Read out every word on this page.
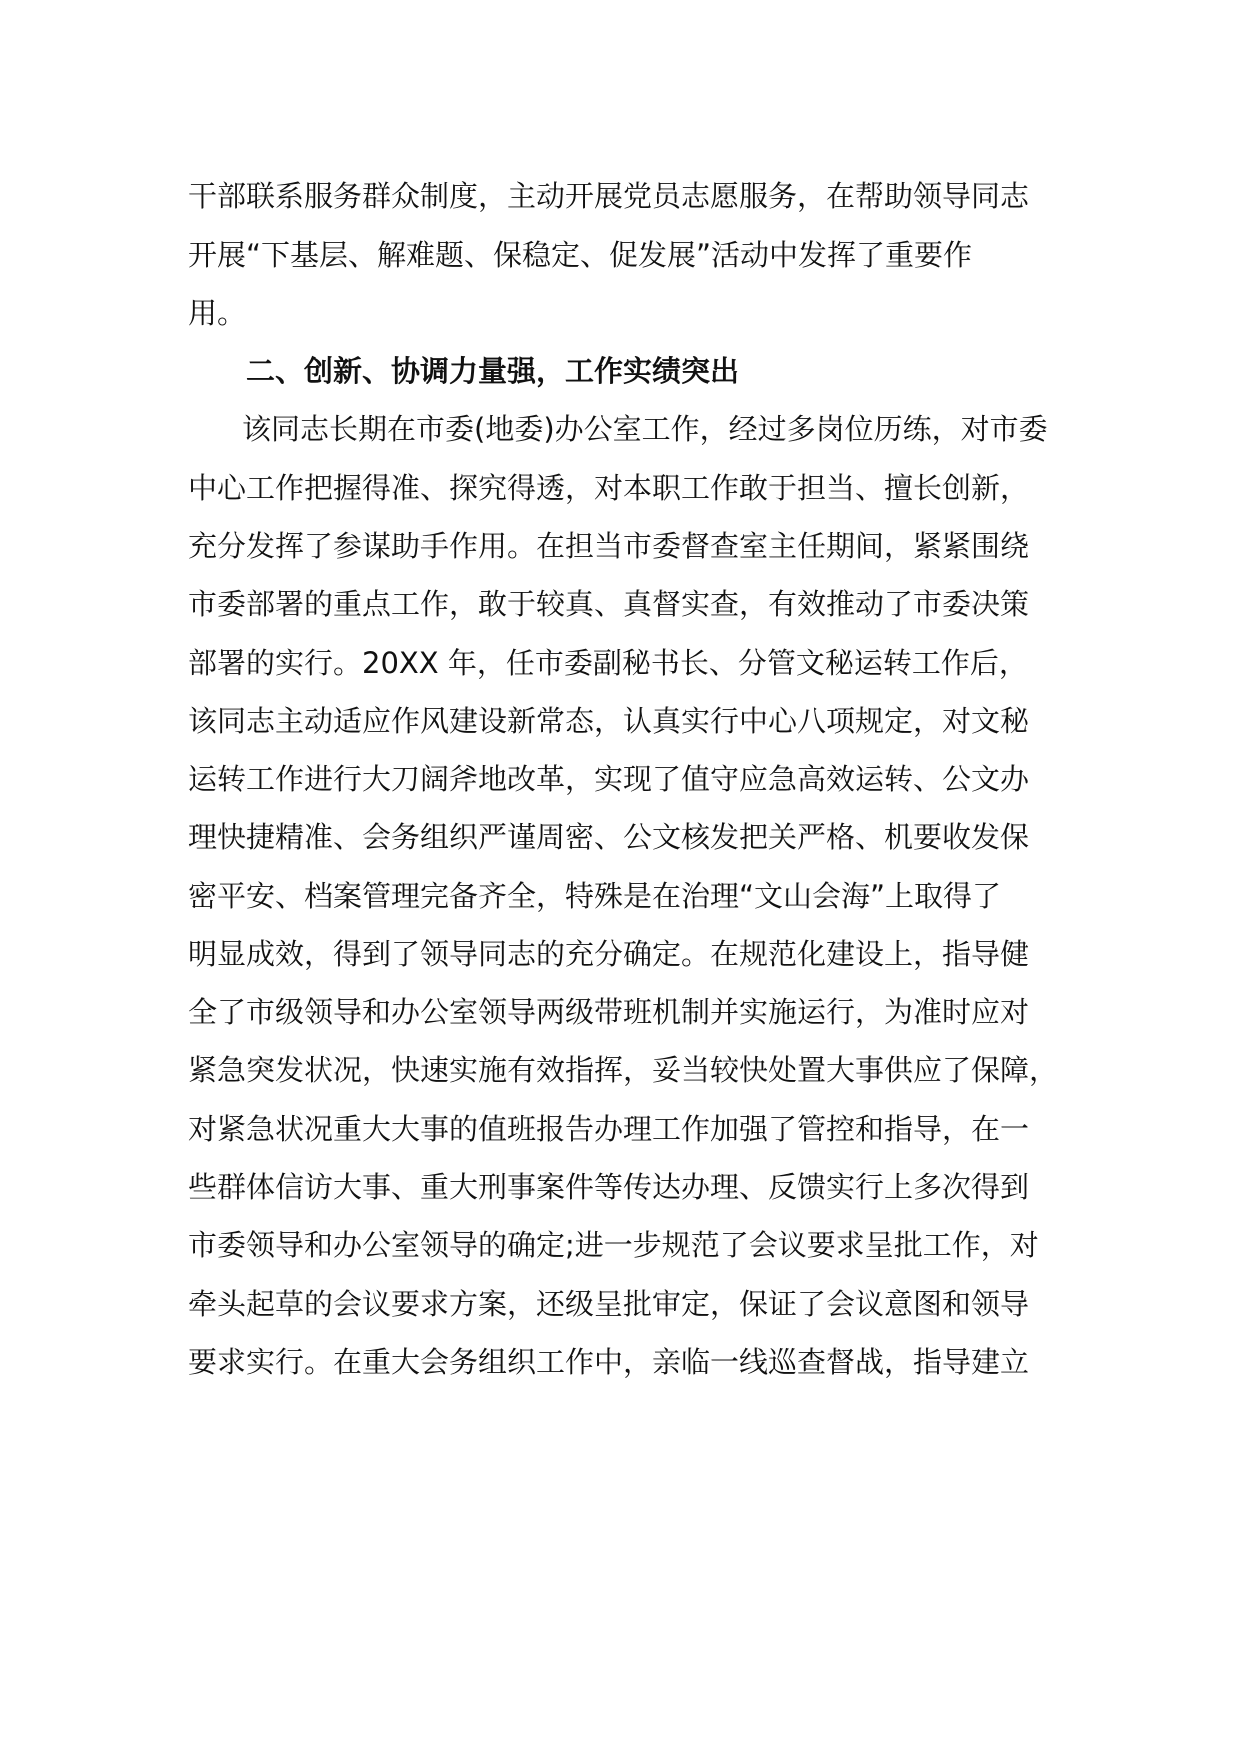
干部联系服务群众制度，主动开展党员志愿服务，在帮助领导同志
开展“下基层、解难题、保稳定、促发展”活动中发挥了重要作
用。
二、创新、协调力量强，工作实绩突出
该同志长期在市委(地委)办公室工作，经过多岗位历练，对市委
中心工作把握得准、探究得透，对本职工作敢于担当、擅长创新，
充分发挥了参谋助手作用。在担当市委督查室主任期间，紧紧围绕
市委部署的重点工作，敢于较真、真督实查，有效推动了市委决策
部署的实行。20XX 年，任市委副秘书长、分管文秘运转工作后，
该同志主动适应作风建设新常态，认真实行中心八项规定，对文秘
运转工作进行大刀阔斧地改革，实现了值守应急高效运转、公文办
理快捷精准、会务组织严谨周密、公文核发把关严格、机要收发保
密平安、档案管理完备齐全，特殊是在治理“文山会海”上取得了
明显成效，得到了领导同志的充分确定。在规范化建设上，指导健
全了市级领导和办公室领导两级带班机制并实施运行，为准时应对
紧急突发状况，快速实施有效指挥，妥当较快处置大事供应了保障，
对紧急状况重大大事的值班报告办理工作加强了管控和指导，在一
些群体信访大事、重大刑事案件等传达办理、反馈实行上多次得到
市委领导和办公室领导的确定;进一步规范了会议要求呈批工作，对
牵头起草的会议要求方案，还级呈批审定，保证了会议意图和领导
要求实行。在重大会务组织工作中，亲临一线巡查督战，指导建立
